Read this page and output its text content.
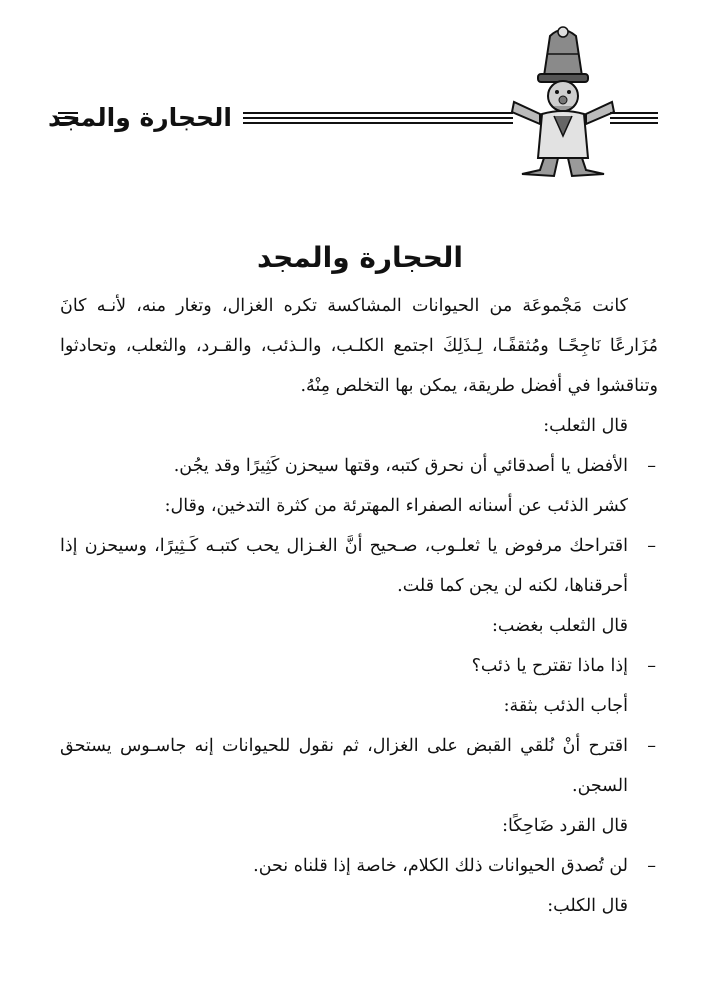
الحجارة والمجد
الحجارة والمجد

كانت مَجْموعَة من الحيوانات المشاكسة تكره الغزال، وتغار منه، لأنـه كانَ مُزَارعًا نَاجِحًـا ومُثقفًـا، لِـذَلِكَ اجتمع الكلـب، والـذئب، والقـرد، والثعلب، وتحادثوا وتناقشوا في أفضل طريقة، يمكن بها التخلص مِنْهُ.

قال الثعلب:

–
الأفضل يا أصدقائي أن نحرق كتبه، وقتها سيحزن كَثِيرًا وقد يجُن.

كشر الذئب عن أسنانه الصفراء المهترئة من كثرة التدخين، وقال:

–
اقتراحك مرفوض يا ثعلـوب، صـحيح أنَّ الغـزال يحب كتبـه كَـثِيرًا، وسيحزن إذا أحرقناها، لكنه لن يجن كما قلت.

قال الثعلب بغضب:

–
إذا ماذا تقترح يا ذئب؟

أجاب الذئب بثقة:

–
اقترح أنْ نُلقي القبض على الغزال، ثم نقول للحيوانات إنه جاسـوس يستحق السجن.

قال القرد ضَاحِكًا:

–
لن تُصدق الحيوانات ذلك الكلام، خاصة إذا قلناه نحن.

قال الكلب:
